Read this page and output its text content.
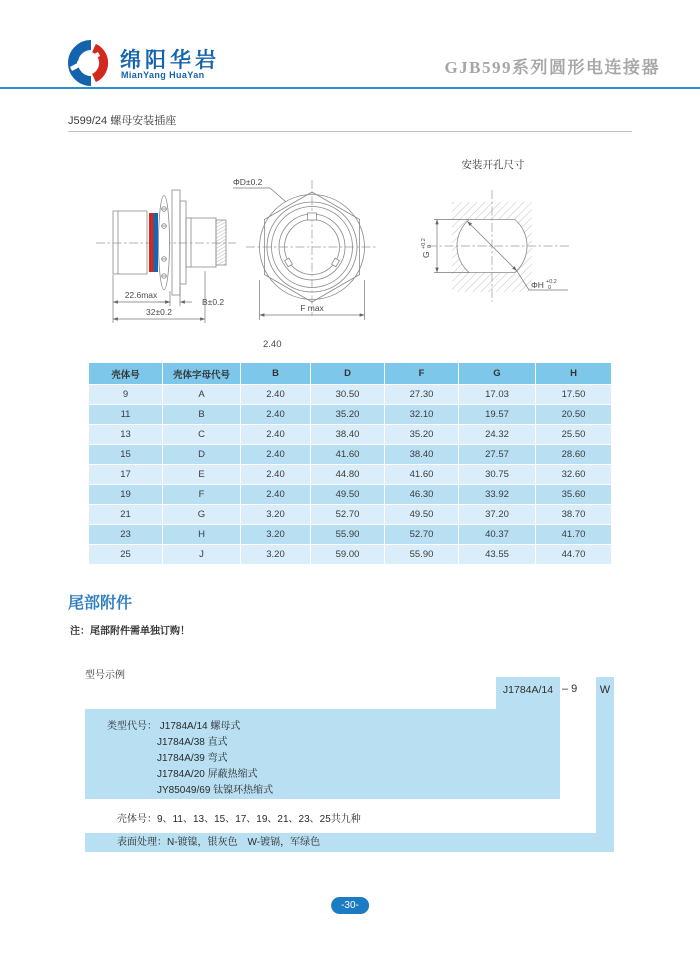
绵阳华岩
MianYang HuaYan	GJB599系列圆形电连接器
J599/24 螺母安装插座
22.6max
B±0.2
32±0.2
ΦD±0.2
F max
2.40
安装开孔尺寸
G
+0.2 0
ΦH +0.2
0
壳体号	壳体字母代号	B	D	F	G	H
9	A	2.40	30.50	27.30	17.03	17.50
11	B	2.40	35.20	32.10	19.57	20.50
13	C	2.40	38.40	35.20	24.32	25.50
15	D	2.40	41.60	38.40	27.57	28.60
17	E	2.40	44.80	41.60	30.75	32.60
19	F	2.40	49.50	46.30	33.92	35.60
21	G	3.20	52.70	49.50	37.20	38.70
23	H	3.20	55.90	52.70	40.37	41.70
25	J	3.20	59.00	55.90	43.55	44.70
尾部附件
注：尾部附件需单独订购！
型号示例
J1784A/14 – 9	W
类型代号： J1784A/14 螺母式
J1784A/38 直式
J1784A/39 弯式
J1784A/20 屏蔽热缩式
JY85049/69 钛镍环热缩式
壳体号：9、11、13、15、17、19、21、23、25共九种
表面处理：N-镀镍，银灰色　W-镀镉，军绿色
-30-
